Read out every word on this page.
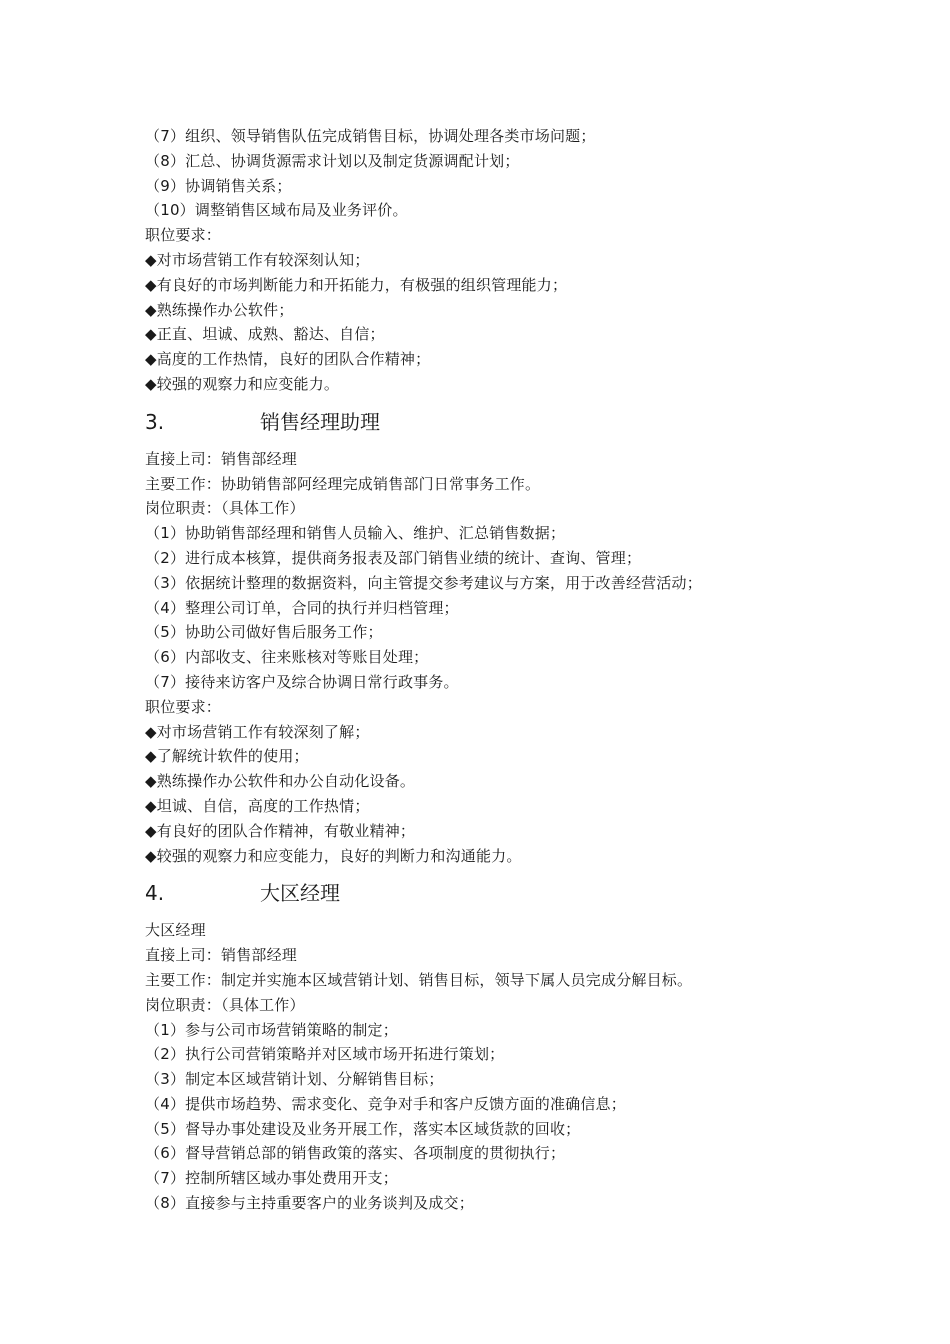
（7）组织、领导销售队伍完成销售目标，协调处理各类市场问题；
（8）汇总、协调货源需求计划以及制定货源调配计划；
（9）协调销售关系；
（10）调整销售区域布局及业务评价。
职位要求：
◆对市场营销工作有较深刻认知；
◆有良好的市场判断能力和开拓能力，有极强的组织管理能力；
◆熟练操作办公软件；
◆正直、坦诚、成熟、豁达、自信；
◆高度的工作热情，良好的团队合作精神；
◆较强的观察力和应变能力。
3.	销售经理助理
直接上司：销售部经理
主要工作：协助销售部阿经理完成销售部门日常事务工作。
岗位职责：（具体工作）
（1）协助销售部经理和销售人员输入、维护、汇总销售数据；
（2）进行成本核算，提供商务报表及部门销售业绩的统计、查询、管理；
（3）依据统计整理的数据资料，向主管提交参考建议与方案，用于改善经营活动；
（4）整理公司订单，合同的执行并归档管理；
（5）协助公司做好售后服务工作；
（6）内部收支、往来账核对等账目处理；
（7）接待来访客户及综合协调日常行政事务。
职位要求：
◆对市场营销工作有较深刻了解；
◆了解统计软件的使用；
◆熟练操作办公软件和办公自动化设备。
◆坦诚、自信，高度的工作热情；
◆有良好的团队合作精神，有敬业精神；
◆较强的观察力和应变能力，良好的判断力和沟通能力。
4.	大区经理
大区经理
直接上司：销售部经理
主要工作：制定并实施本区域营销计划、销售目标，领导下属人员完成分解目标。
岗位职责：（具体工作）
（1）参与公司市场营销策略的制定；
（2）执行公司营销策略并对区域市场开拓进行策划；
（3）制定本区域营销计划、分解销售目标；
（4）提供市场趋势、需求变化、竞争对手和客户反馈方面的准确信息；
（5）督导办事处建设及业务开展工作，落实本区域货款的回收；
（6）督导营销总部的销售政策的落实、各项制度的贯彻执行；
（7）控制所辖区域办事处费用开支；
（8）直接参与主持重要客户的业务谈判及成交；
